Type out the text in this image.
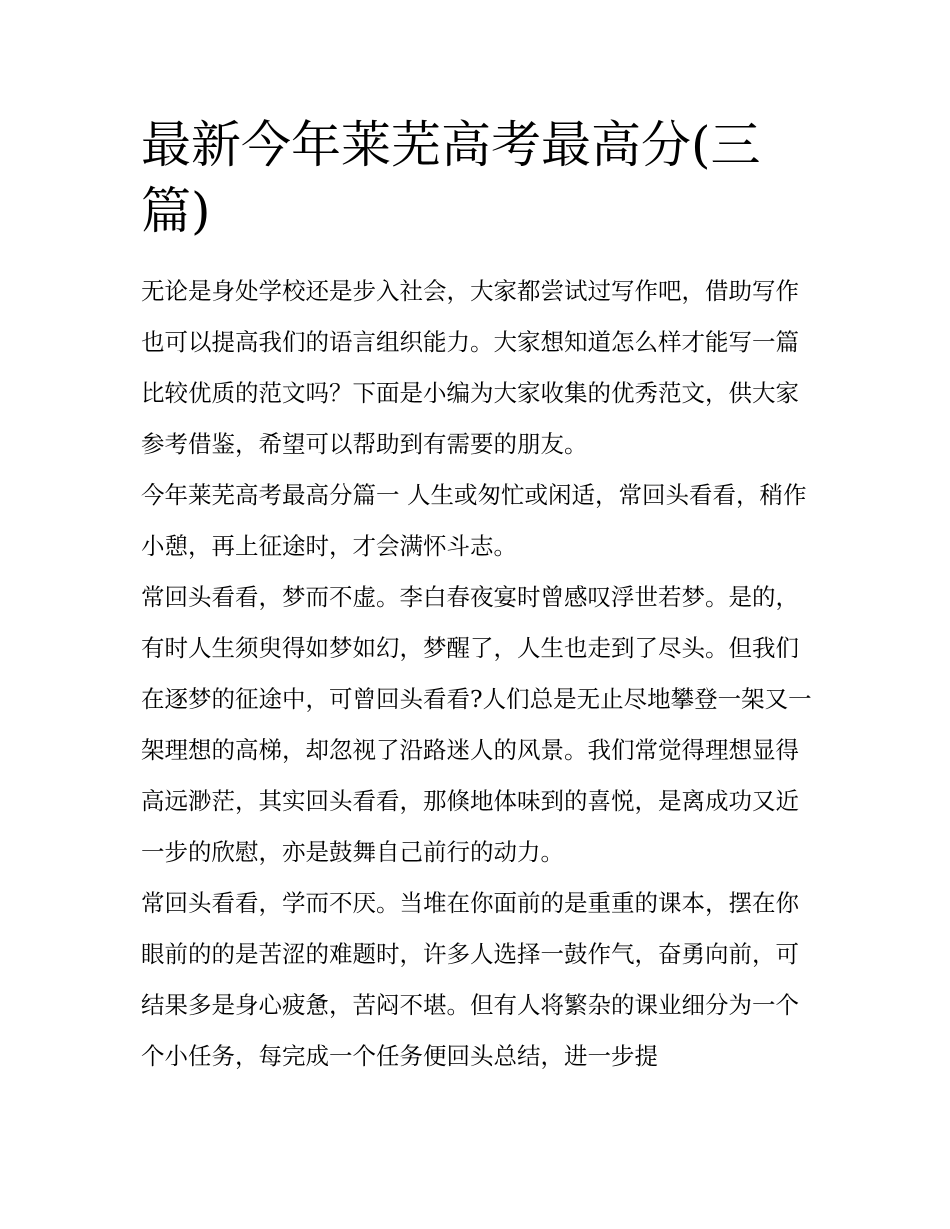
最新今年莱芜高考最高分(三篇)

无论是身处学校还是步入社会，大家都尝试过写作吧，借助写作也可以提高我们的语言组织能力。大家想知道怎么样才能写一篇比较优质的范文吗？下面是小编为大家收集的优秀范文，供大家参考借鉴，希望可以帮助到有需要的朋友。

今年莱芜高考最高分篇一 人生或匆忙或闲适，常回头看看，稍作小憩，再上征途时，才会满怀斗志。

常回头看看，梦而不虚。李白春夜宴时曾感叹浮世若梦。是的，有时人生须臾得如梦如幻，梦醒了，人生也走到了尽头。但我们在逐梦的征途中，可曾回头看看?人们总是无止尽地攀登一架又一架理想的高梯，却忽视了沿路迷人的风景。我们常觉得理想显得高远渺茫，其实回头看看，那倏地体味到的喜悦，是离成功又近一步的欣慰，亦是鼓舞自己前行的动力。

常回头看看，学而不厌。当堆在你面前的是重重的课本，摆在你眼前的的是苦涩的难题时，许多人选择一鼓作气，奋勇向前，可结果多是身心疲惫，苦闷不堪。但有人将繁杂的课业细分为一个个小任务，每完成一个任务便回头总结，进一步提
